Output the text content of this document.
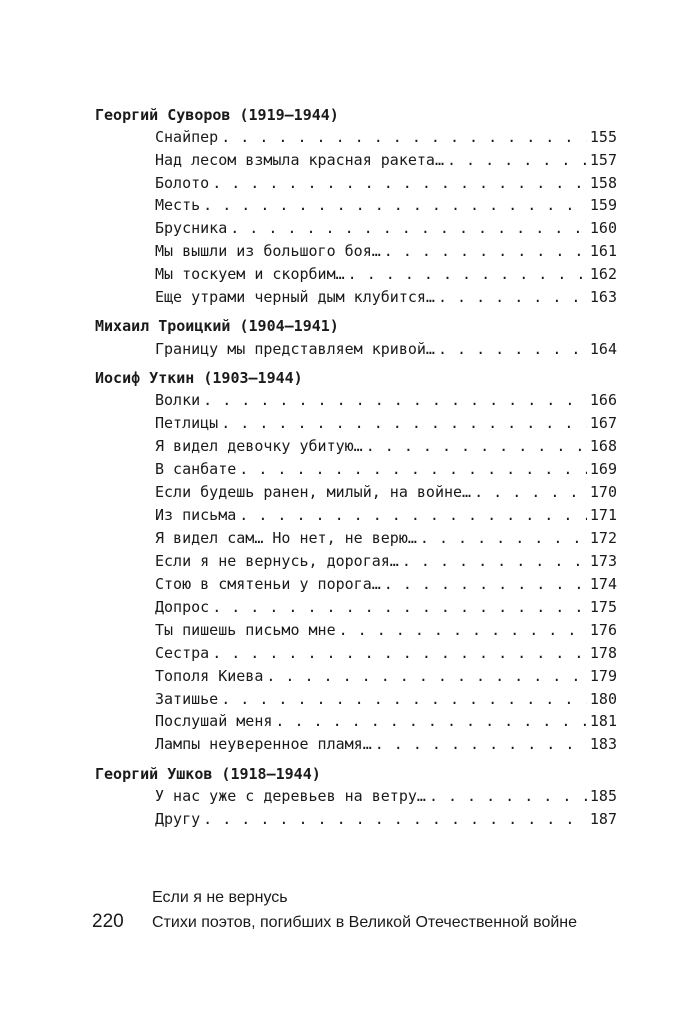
Георгий Суворов (1919–1944)
Снайпер . . .	155
Над лесом взмыла красная ракета… . . .	157
Болото . . .	158
Месть . . .	159
Брусника . . .	160
Мы вышли из большого боя… . . .	161
Мы тоскуем и скорбим… . . .	162
Еще утрами черный дым клубится… . . .	163
Михаил Троицкий (1904–1941)
Границу мы представляем кривой… . . .	164
Иосиф Уткин (1903–1944)
Волки . . .	166
Петлицы . . .	167
Я видел девочку убитую… . . .	168
В санбате . . .	169
Если будешь ранен, милый, на войне… . . .	170
Из письма . . .	171
Я видел сам… Но нет, не верю… . . .	172
Если я не вернусь, дорогая… . . .	173
Стою в смятеньи у порога… . . .	174
Допрос . . .	175
Ты пишешь письмо мне . . .	176
Сестра . . .	178
Тополя Киева . . .	179
Затишье . . .	180
Послушай меня . . .	181
Лампы неуверенное пламя… . . .	183
Георгий Ушков (1918–1944)
У нас уже с деревьев на ветру… . . .	185
Другу . . .	187
Если я не вернусь
220 Стихи поэтов, погибших в Великой Отечественной войне
